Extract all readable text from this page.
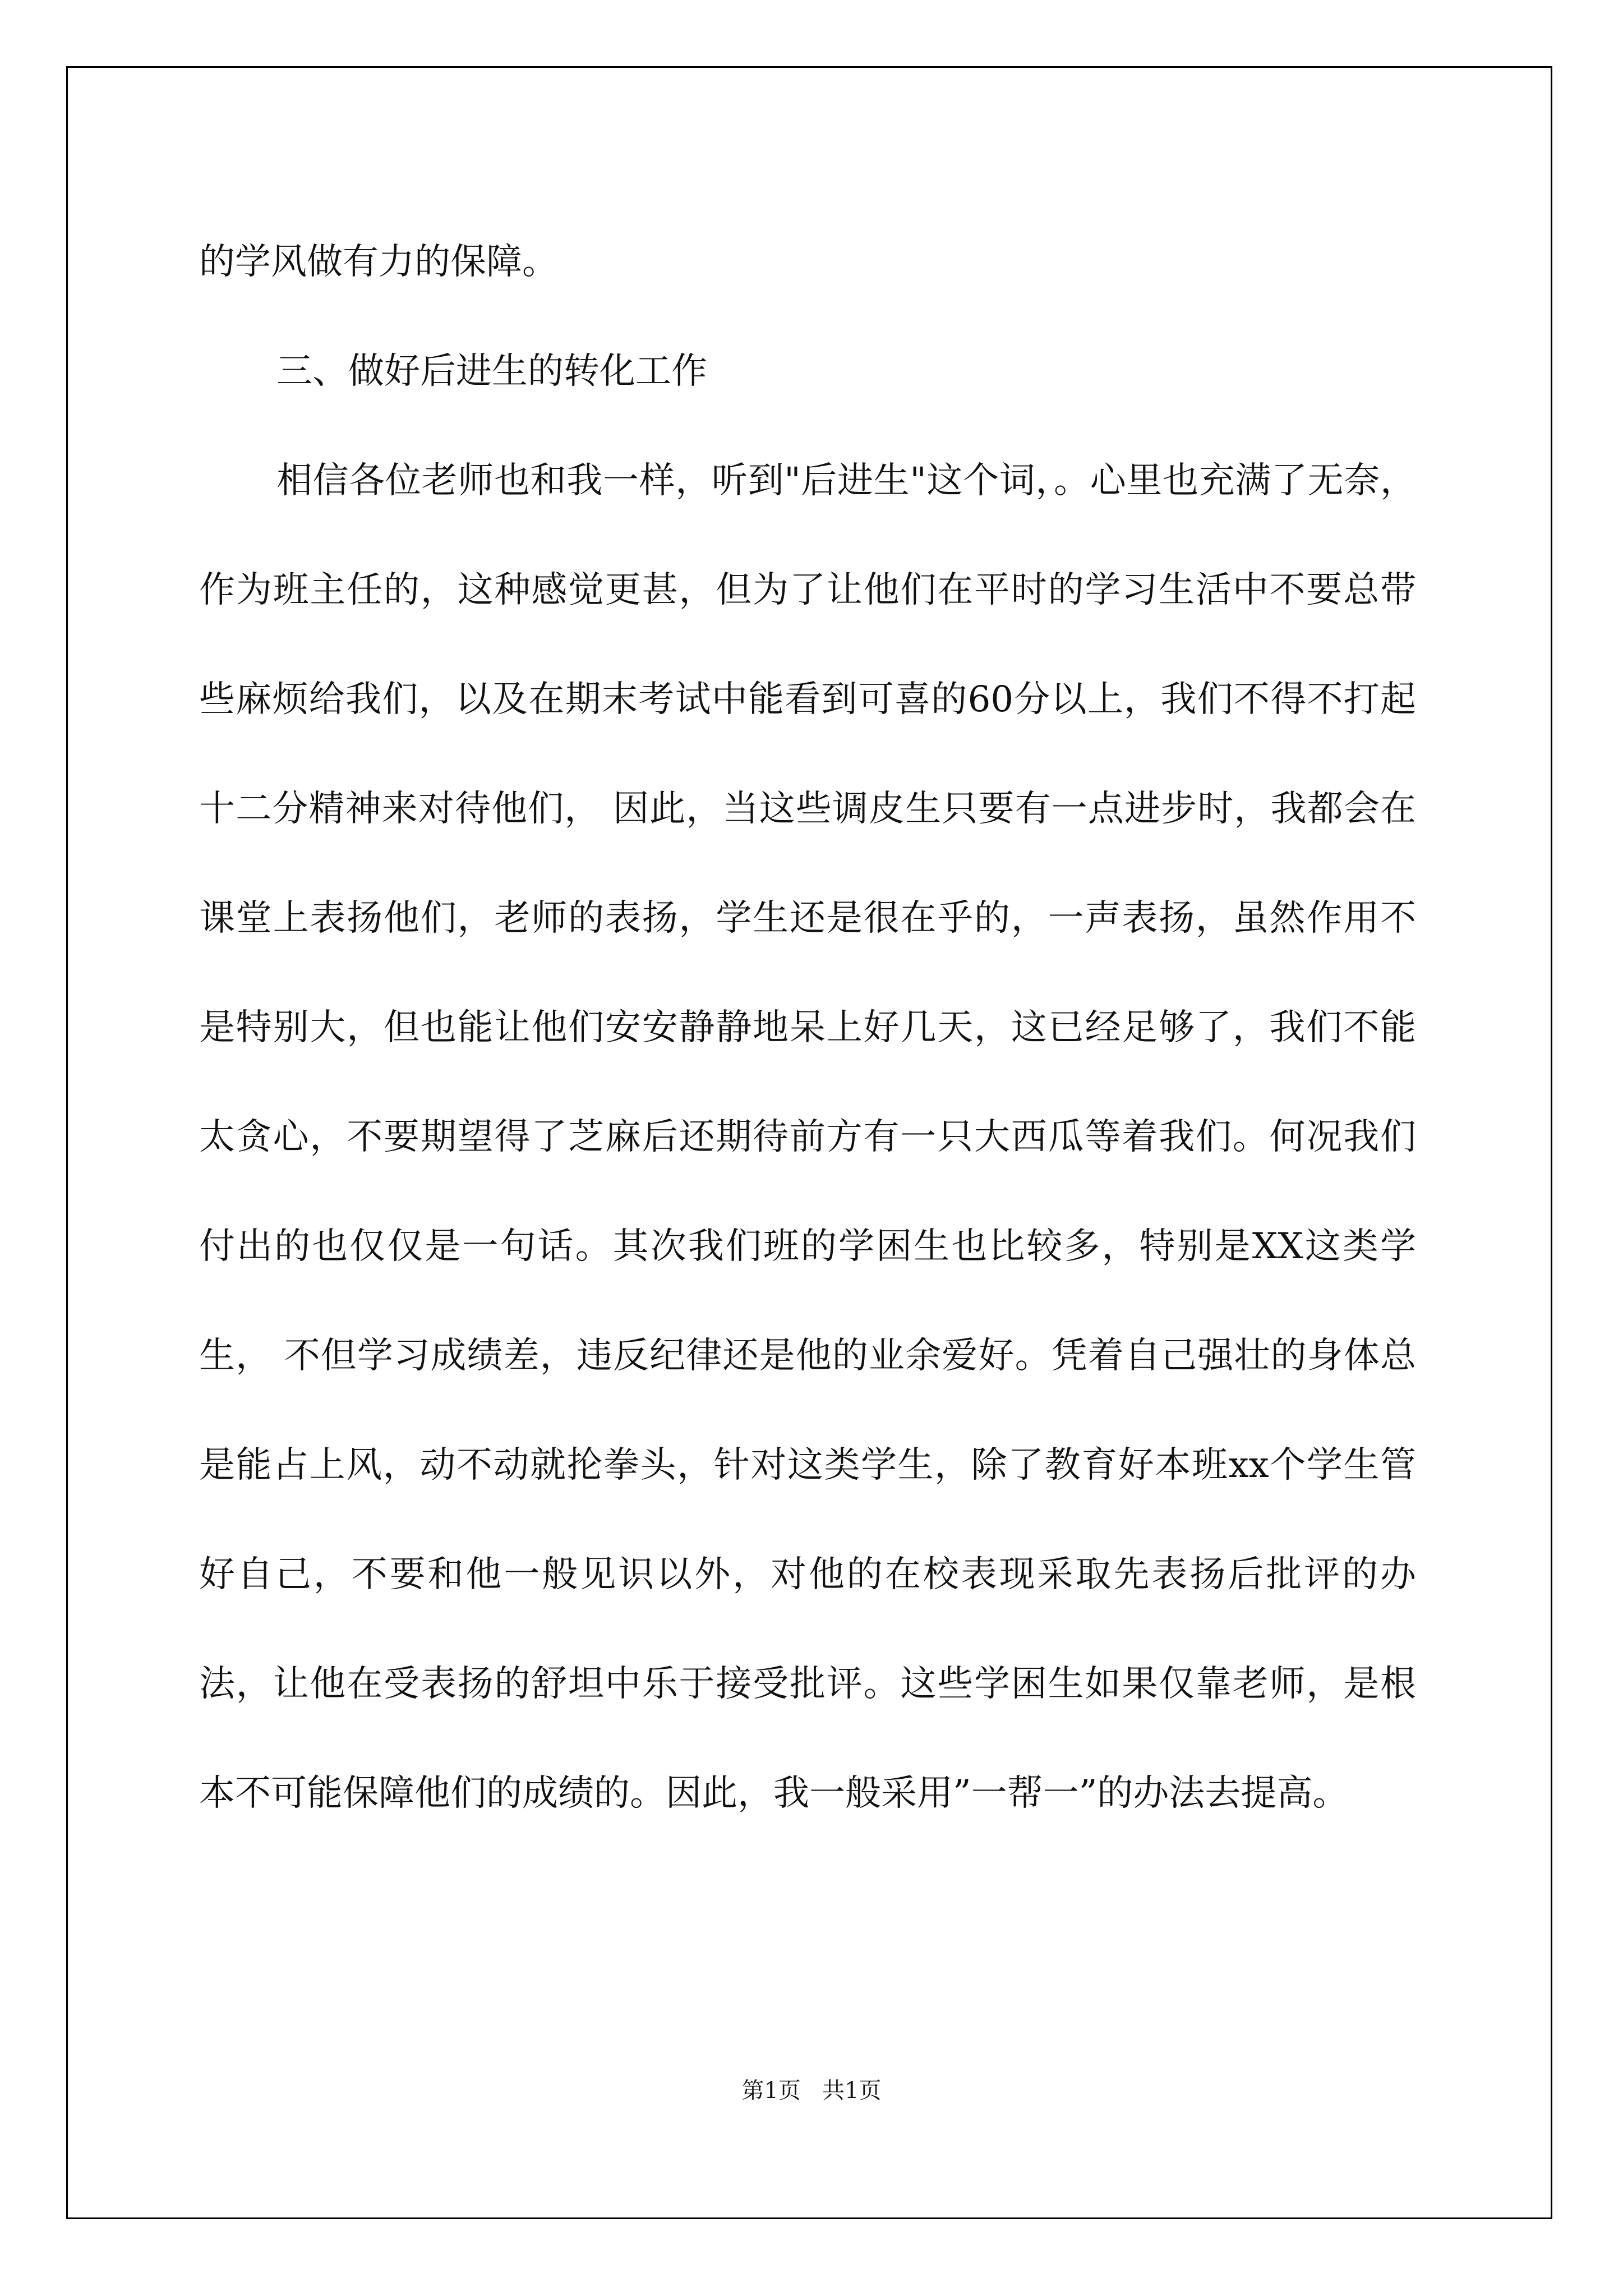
的学风做有力的保障。

三、做好后进生的转化工作

相信各位老师也和我一样，听到"后进生"这个词，。心里也充满了无奈，作为班主任的，这种感觉更甚，但为了让他们在平时的学习生活中不要总带些麻烦给我们，以及在期末考试中能看到可喜的60分以上，我们不得不打起十二分精神来对待他们， 因此，当这些调皮生只要有一点进步时，我都会在课堂上表扬他们，老师的表扬，学生还是很在乎的，一声表扬，虽然作用不是特别大，但也能让他们安安静静地呆上好几天，这已经足够了，我们不能太贪心，不要期望得了芝麻后还期待前方有一只大西瓜等着我们。何况我们付出的也仅仅是一句话。其次我们班的学困生也比较多，特别是XX这类学生， 不但学习成绩差，违反纪律还是他的业余爱好。凭着自己强壮的身体总是能占上风，动不动就抡拳头，针对这类学生，除了教育好本班xx个学生管好自己，不要和他一般见识以外，对他的在校表现采取先表扬后批评的办法，让他在受表扬的舒坦中乐于接受批评。这些学困生如果仅靠老师，是根本不可能保障他们的成绩的。因此，我一般采用”一帮一”的办法去提高。

第1页   共1页
